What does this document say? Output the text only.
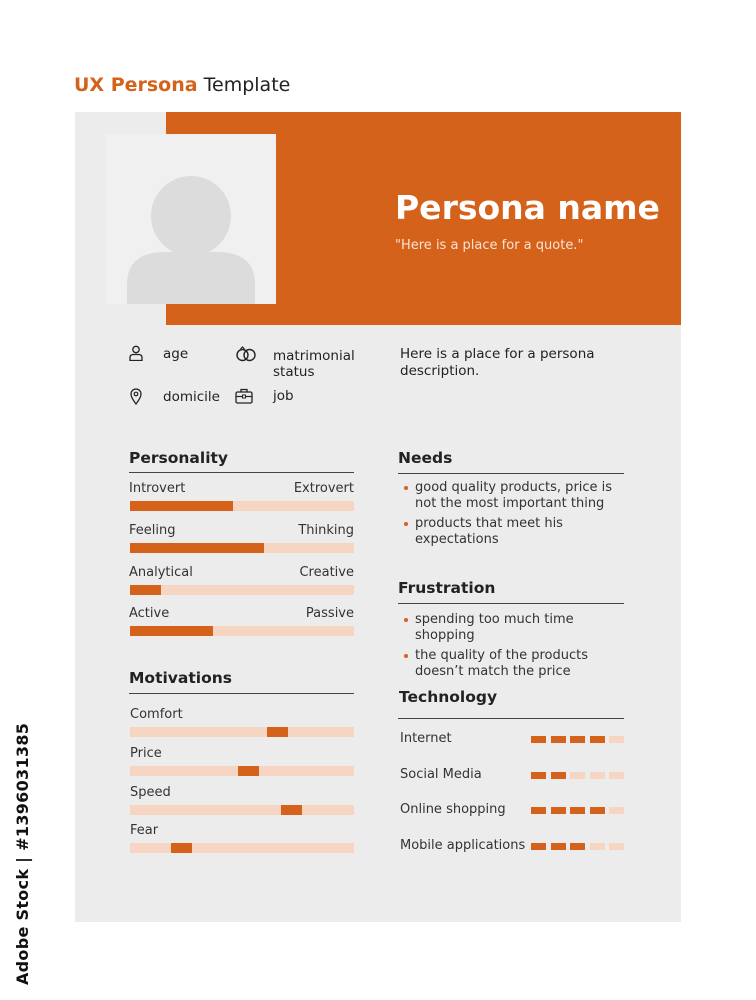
UX Persona Template
Persona name
"Here is a place for a quote."
age	matrimonial status
domicile	job
Here is a place for a persona description.
Personality
Introvert	Extrovert
Feeling	Thinking
Analytical	Creative
Active	Passive
Motivations
Comfort
Price
Speed
Fear
Needs
good quality products, price is not the most important thing
products that meet his expectations
Frustration
spending too much time shopping
the quality of the products doesn’t match the price
Technology
Internet
Social Media
Online shopping
Mobile applications
Adobe Stock | #1396031385
